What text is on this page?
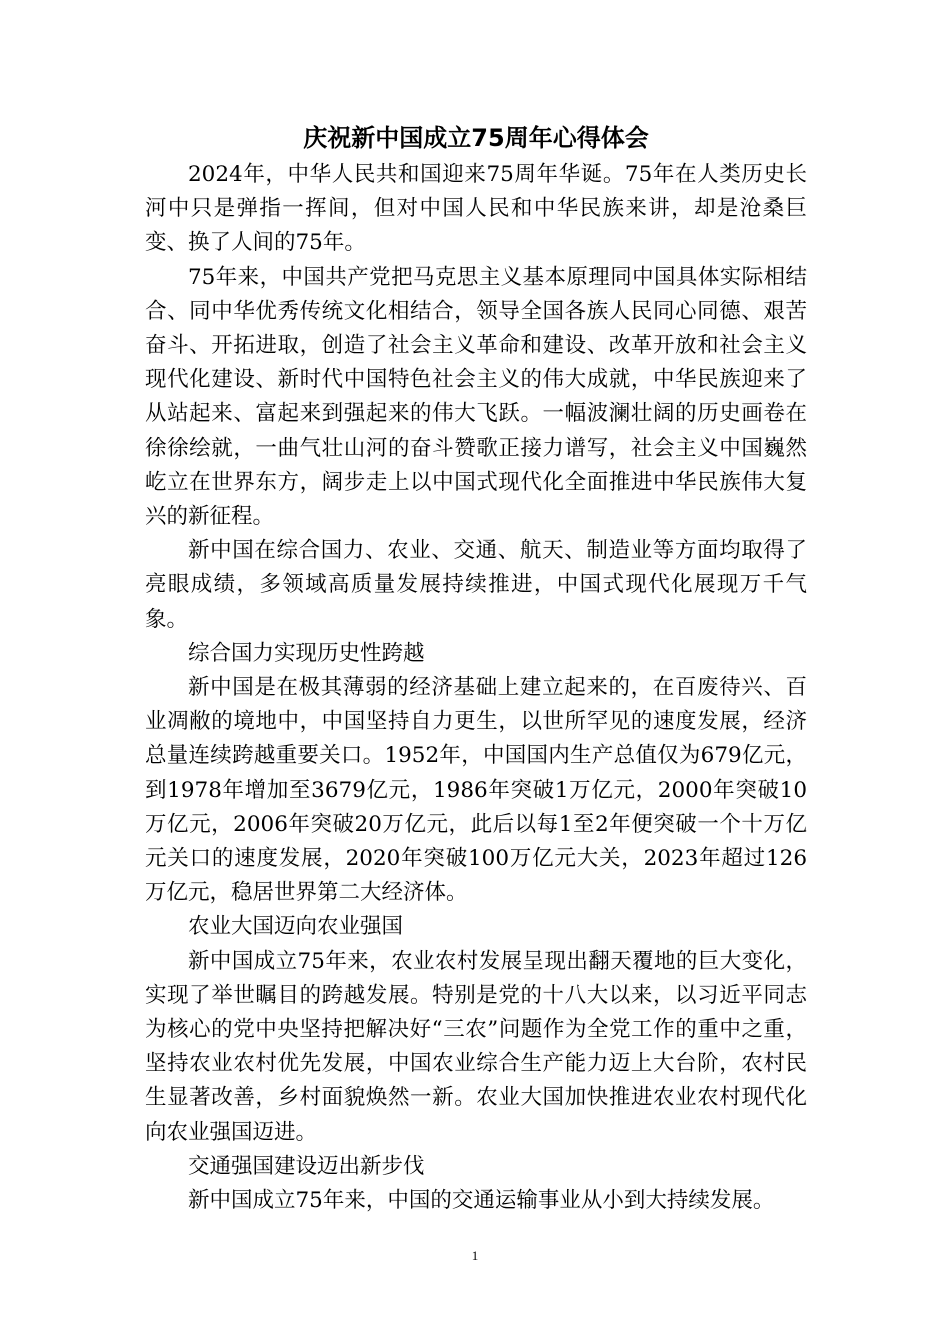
庆祝新中国成立75周年心得体会

2024年，中华人民共和国迎来75周年华诞。75年在人类历史长河中只是弹指一挥间，但对中国人民和中华民族来讲，却是沧桑巨变、换了人间的75年。

75年来，中国共产党把马克思主义基本原理同中国具体实际相结合、同中华优秀传统文化相结合，领导全国各族人民同心同德、艰苦奋斗、开拓进取，创造了社会主义革命和建设、改革开放和社会主义现代化建设、新时代中国特色社会主义的伟大成就，中华民族迎来了从站起来、富起来到强起来的伟大飞跃。一幅波澜壮阔的历史画卷在徐徐绘就，一曲气壮山河的奋斗赞歌正接力谱写，社会主义中国巍然屹立在世界东方，阔步走上以中国式现代化全面推进中华民族伟大复兴的新征程。

新中国在综合国力、农业、交通、航天、制造业等方面均取得了亮眼成绩，多领域高质量发展持续推进，中国式现代化展现万千气象。

综合国力实现历史性跨越

新中国是在极其薄弱的经济基础上建立起来的，在百废待兴、百业凋敝的境地中，中国坚持自力更生，以世所罕见的速度发展，经济总量连续跨越重要关口。1952年，中国国内生产总值仅为679亿元，到1978年增加至3679亿元，1986年突破1万亿元，2000年突破10万亿元，2006年突破20万亿元，此后以每1至2年便突破一个十万亿元关口的速度发展，2020年突破100万亿元大关，2023年超过126万亿元，稳居世界第二大经济体。

农业大国迈向农业强国

新中国成立75年来，农业农村发展呈现出翻天覆地的巨大变化，实现了举世瞩目的跨越发展。特别是党的十八大以来，以习近平同志为核心的党中央坚持把解决好“三农”问题作为全党工作的重中之重，坚持农业农村优先发展，中国农业综合生产能力迈上大台阶，农村民生显著改善，乡村面貌焕然一新。农业大国加快推进农业农村现代化向农业强国迈进。

交通强国建设迈出新步伐

新中国成立75年来，中国的交通运输事业从小到大持续发展。

1
